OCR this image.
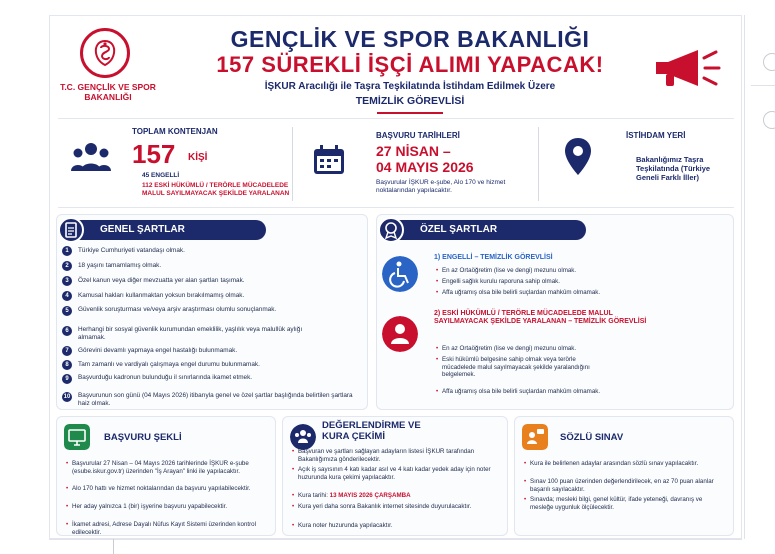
T.C. GENÇLİK VE SPOR BAKANLIĞI
GENÇLİK VE SPOR BAKANLIĞI
157 SÜREKLİ İŞÇİ ALIMI YAPACAK!
İŞKUR Aracılığı ile Taşra Teşkilatında İstihdam Edilmek Üzere
TEMİZLİK GÖREVLİSİ
TOPLAM KONTENJAN
157 KİŞİ
45 ENGELLİ
112 ESKİ HÜKÜMLÜ / TERÖRLE MÜCADELEDE MALUL SAYILMAYACAK ŞEKİLDE YARALANAN
BAŞVURU TARİHLERİ
27 NİSAN –
04 MAYIS 2026
Başvurular İŞKUR e-şube, Alo 170 ve hizmet noktalarından yapılacaktır.
İSTİHDAM YERİ
Bakanlığımız Taşra Teşkilatında (Türkiye Geneli Farklı İller)
GENEL ŞARTLAR
1	Türkiye Cumhuriyeti vatandaşı olmak.
2	18 yaşını tamamlamış olmak.
3	Özel kanun veya diğer mevzuatta yer alan şartları taşımak.
4	Kamusal hakları kullanmaktan yoksun bırakılmamış olmak.
5	Güvenlik soruşturması ve/veya arşiv araştırması olumlu sonuçlanmak.
6	Herhangi bir sosyal güvenlik kurumundan emeklilik, yaşlılık veya malullük aylığı almamak.
7	Görevini devamlı yapmaya engel hastalığı bulunmamak.
8	Tam zamanlı ve vardiyalı çalışmaya engel durumu bulunmamak.
9	Başvurduğu kadronun bulunduğu il sınırlarında ikamet etmek.
10 Başvurunun son günü (04 Mayıs 2026) itibarıyla genel ve özel şartlar başlığında belirtilen şartlara haiz olmak.
ÖZEL ŞARTLAR
1) ENGELLİ – TEMİZLİK GÖREVLİSİ
• En az Ortaöğretim (lise ve dengi) mezunu olmak.
• Engelli sağlık kurulu raporuna sahip olmak.
• Affa uğramış olsa bile belirli suçlardan mahkûm olmamak.
2) ESKİ HÜKÜMLÜ / TERÖRLE MÜCADELEDE MALUL SAYILMAYACAK ŞEKİLDE YARALANAN – TEMİZLİK GÖREVLİSİ
• En az Ortaöğretim (lise ve dengi) mezunu olmak.
• Eski hükümlü belgesine sahip olmak veya terörle mücadelede malul sayılmayacak şekilde yaralandığını belgelemek.
• Affa uğramış olsa bile belirli suçlardan mahkûm olmamak.
BAŞVURU ŞEKLİ
• Başvurular 27 Nisan – 04 Mayıs 2026 tarihlerinde İŞKUR e-şube (esube.iskur.gov.tr) üzerinden "İş Arayan" linki ile yapılacaktır.
• Alo 170 hattı ve hizmet noktalarından da başvuru yapılabilecektir.
• Her aday yalnızca 1 (bir) işyerine başvuru yapabilecektir.
• İkamet adresi, Adrese Dayalı Nüfus Kayıt Sistemi üzerinden kontrol edilecektir.
DEĞERLENDİRME VE
KURA ÇEKİMİ
• Başvuran ve şartları sağlayan adayların listesi İŞKUR tarafından Bakanlığımıza gönderilecektir.
• Açık iş sayısının 4 katı kadar asıl ve 4 katı kadar yedek aday için noter huzurunda kura çekimi yapılacaktır.
• Kura tarihi: 13 MAYIS 2026 ÇARŞAMBA
• Kura yeri daha sonra Bakanlık internet sitesinde duyurulacaktır.
• Kura noter huzurunda yapılacaktır.
SÖZLÜ SINAV
• Kura ile belirlenen adaylar arasından sözlü sınav yapılacaktır.
• Sınav 100 puan üzerinden değerlendirilecek, en az 70 puan alanlar başarılı sayılacaktır.
• Sınavda; mesleki bilgi, genel kültür, ifade yeteneği, davranış ve mesleğe uygunluk ölçülecektir.
